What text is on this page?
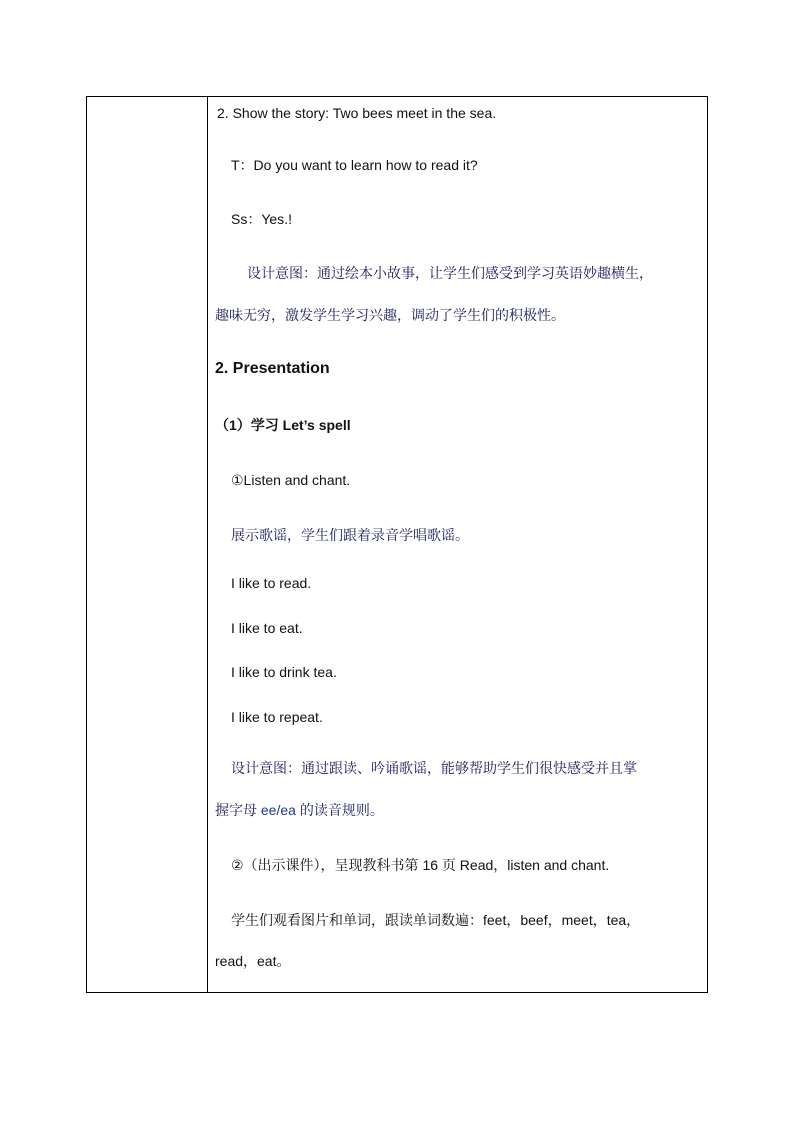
2. Show the story: Two bees meet in the sea.
T：Do you want to learn how to read it?
Ss：Yes.!
设计意图：通过绘本小故事，让学生们感受到学习英语妙趣横生，
趣味无穷，激发学生学习兴趣，调动了学生们的积极性。
2. Presentation
（1）学习 Let’s spell
①Listen and chant.
展示歌谣，学生们跟着录音学唱歌谣。
I like to read.
I like to eat.
I like to drink tea.
I like to repeat.
设计意图：通过跟读、吟诵歌谣，能够帮助学生们很快感受并且掌
握字母 ee/ea 的读音规则。
②（出示课件），呈现教科书第 16 页 Read，listen and chant.
学生们观看图片和单词，跟读单词数遍：feet，beef，meet，tea，
read，eat。
